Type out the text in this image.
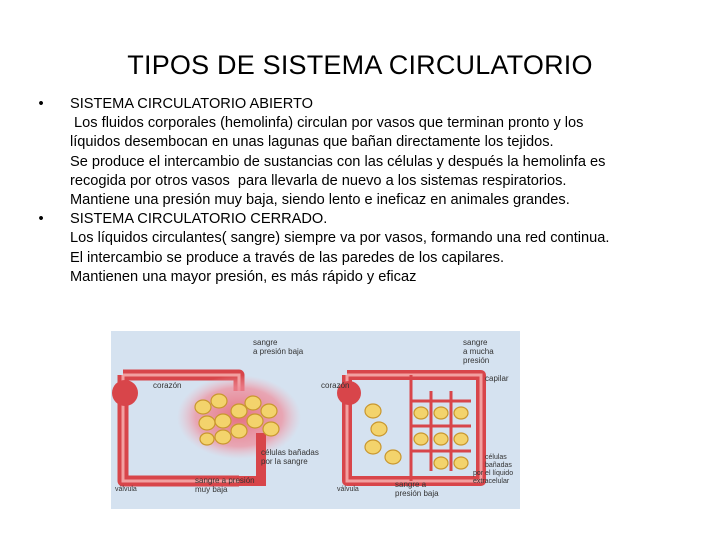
TIPOS DE SISTEMA CIRCULATORIO
• SISTEMA CIRCULATORIO ABIERTO
Los fluidos corporales (hemolinfa) circulan por vasos que terminan pronto y los
líquidos desembocan en unas lagunas que bañan directamente los tejidos.
Se produce el intercambio de sustancias con las células y después la hemolinfa es
recogida por otros vasos  para llevarla de nuevo a los sistemas respiratorios.
Mantiene una presión muy baja, siendo lento e ineficaz en animales grandes.
• SISTEMA CIRCULATORIO CERRADO.
Los líquidos circulantes( sangre) siempre va por vasos, formando una red continua.
El intercambio se produce a través de las paredes de los capilares.
Mantienen una mayor presión, es más rápido y eficaz
sangre
a presión baja
corazón
células bañadas
por la sangre
válvula
sangre a presión
muy baja
sangre
a mucha
presión
capilar
corazón
células
bañadas
por el líquido
extracelular
válvula
sangre a
presión baja
